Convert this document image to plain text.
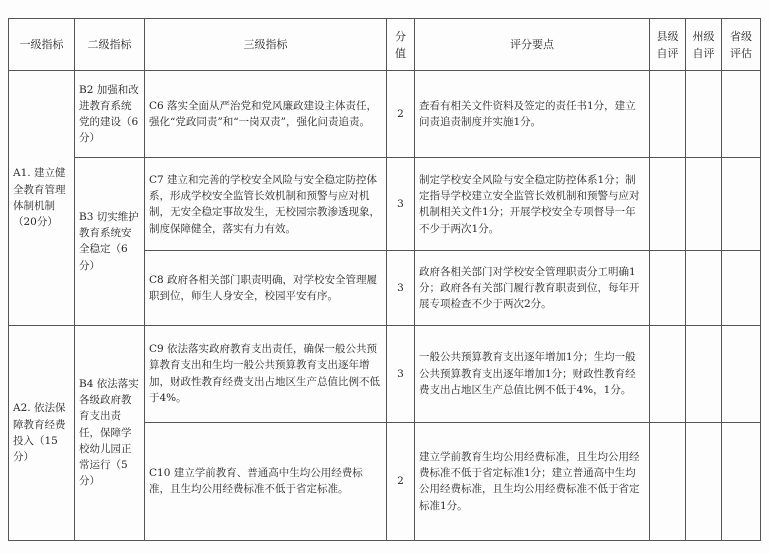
一级指标	二级指标	三级指标	分值	评分要点	县级自评	州级自评	省级评估
A1. 建立健全教育管理体制机制（20分）	B2 加强和改进教育系统党的建设（6分）	C6 落实全面从严治党和党风廉政建设主体责任，强化“党政同责”和“一岗双责”，强化问责追责。	2	查看有相关文件资料及签定的责任书1分，建立问责追责制度并实施1分。			
	B3 切实维护教育系统安全稳定（6分）	C7 建立和完善的学校安全风险与安全稳定防控体系，形成学校安全监管长效机制和预警与应对机制，无安全稳定事故发生，无校园宗教渗透现象，制度保障健全，落实有力有效。	3	制定学校安全风险与安全稳定防控体系1分；制定指导学校建立安全监管长效机制和预警与应对机制相关文件1分；开展学校安全专项督导一年不少于两次1分。			
		C8 政府各相关部门职责明确，对学校安全管理履职到位，师生人身安全，校园平安有序。	3	政府各相关部门对学校安全管理职责分工明确1分；政府各有关部门履行教育职责到位，每年开展专项检查不少于两次2分。			
A2. 依法保障教育经费投入（15分）	B4 依法落实各级政府教育支出责任，保障学校幼儿园正常运行（5分）	C9 依法落实政府教育支出责任，确保一般公共预算教育支出和生均一般公共预算教育支出逐年增加，财政性教育经费支出占地区生产总值比例不低于4%。	3	一般公共预算教育支出逐年增加1分；生均一般公共预算教育支出逐年增加1分；财政性教育经费支出占地区生产总值比例不低于4%，1分。			
		C10 建立学前教育、普通高中生均公用经费标准，且生均公用经费标准不低于省定标准。	2	建立学前教育生均公用经费标准，且生均公用经费标准不低于省定标准1分；建立普通高中生均公用经费标准，且生均公用经费标准不低于省定标准1分。			
